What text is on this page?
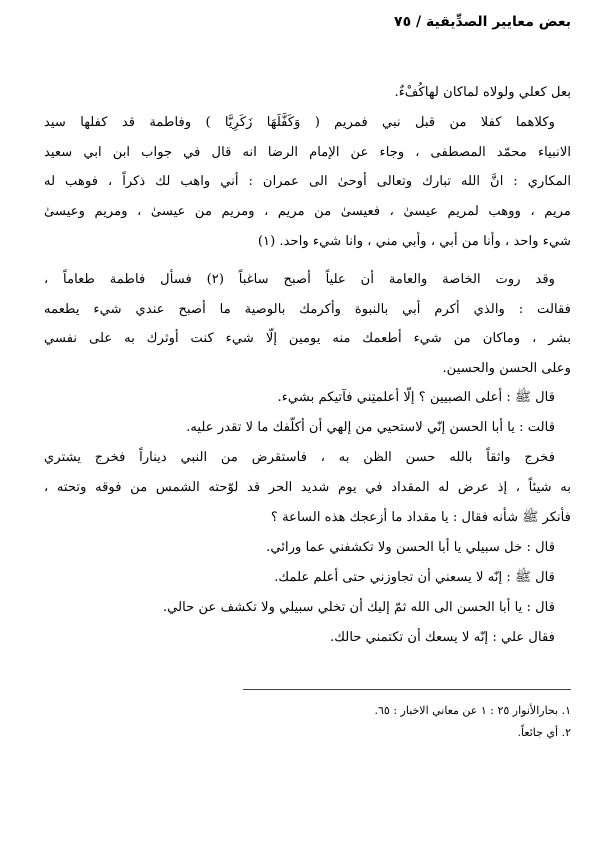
بعض معايير الصدِّيقية / ٧٥
بعل كعلي ولولاه لماكان لهاكُفْءٌ.
وكلاهما كفلا من قبل نبي فمريم ( وَكَفَّلَهَا زَكَرِيَّا ) وفاطمة قد كفلها سيد
الانبياء محمّد المصطفى ، وجاء عن الإمام الرضا انه قال في جواب ابن ابي سعيد
المكاري : انَّ الله تبارك وتعالى أوحىٰ الى عمران : أني واهب لك ذكراً ، فوهب له
مريم ، ووهب لمريم عيسىٰ ، فعيسىٰ من مريم ، ومريم من عيسىٰ ، ومريم وعيسىٰ
شيء واحد ، وأنا من أبي ، وأبي مني ، وانا شيء واحد. (١)
وقد روت الخاصة والعامة أن علياً أصبح ساغباً (٢) فسأل فاطمة طعاماً ،
فقالت : والذي أكرم أبي بالنبوة وأكرمك بالوصية ما أصبح عندي شيء يطعمه
بشر ، وماكان من شيء أطعمك منه يومين إلّا شيء كنت أوثرك به على نفسي
وعلى الحسن والحسين.
قال ﷺ : أعلى الصبيين ؟ إلّا أعلمتِني فآتيكم بشيء.
قالت : يا أبا الحسن إنّي لاستحيي من إلهي أن أكلّفك ما لا تقدر عليه.
فخرج واثقاً بالله حسن الظن به ، فاستقرض من النبي ديناراً فخرج يشتري
به شيئاً ، إذ عرض له المقداد في يوم شديد الحر قد لوّحته الشمس من فوقه وتحته ،
فأنكر ﷺ شأنه فقال : يا مقداد ما أزعجك هذه الساعة ؟
قال : خل سبيلي يا أبا الحسن ولا تكشفني عما ورائي.
قال ﷺ : إنّه لا يسعني أن تجاوزني حتى أعلم علمك.
قال : يا أبا الحسن الى الله ثمّ إليك أن تخلي سبيلي ولا تكشف عن حالي.
فقال علي : إنّه لا يسعك أن تكتمني حالك.
١. بحارالأنوار ٢٥ : ١ عن معاني الاخبار : ٦٥.
٢. أي جائعاً.
